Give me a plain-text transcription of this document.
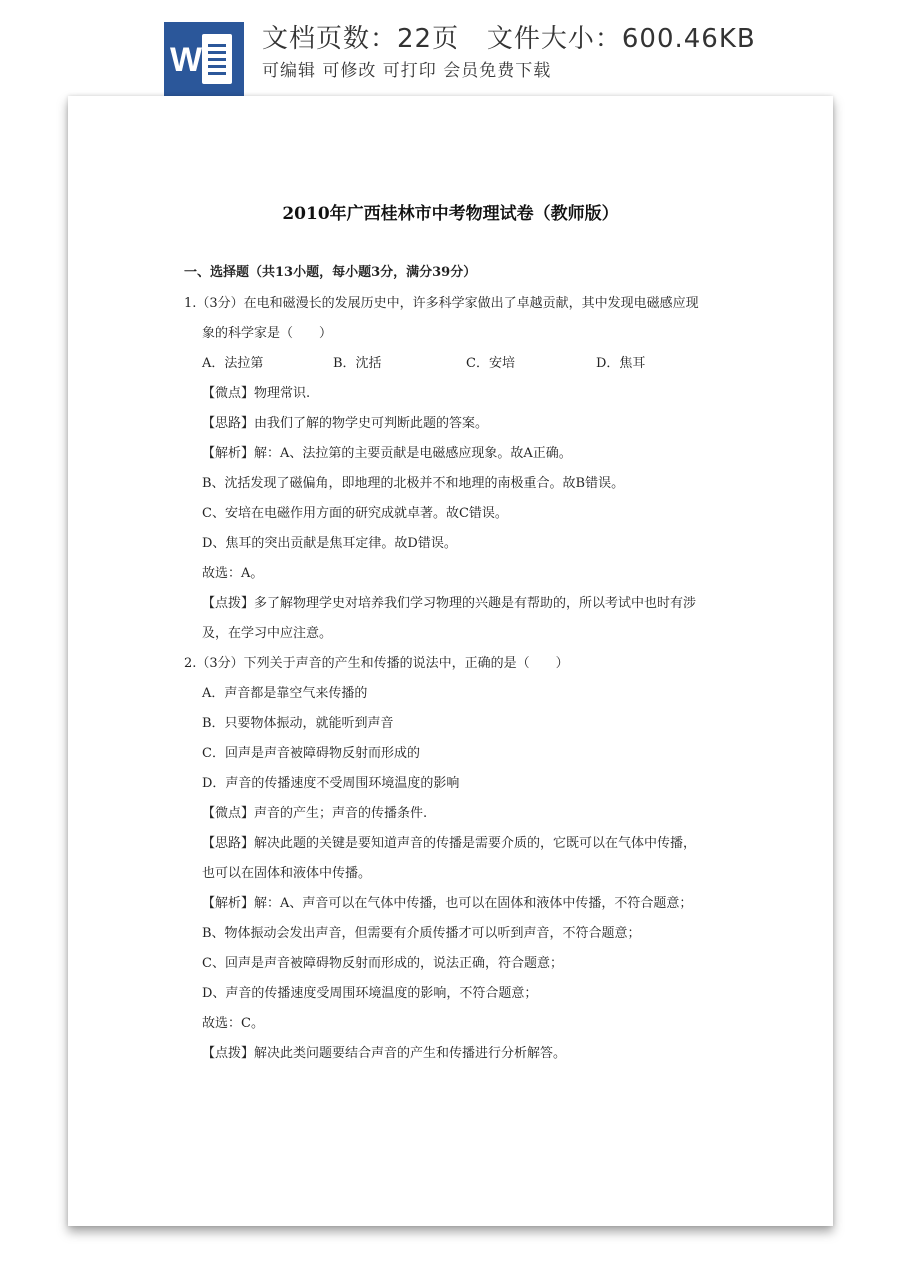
W
文档页数：22页   文件大小：600.46KB
可编辑 可修改 可打印 会员免费下载
2010年广西桂林市中考物理试卷（教师版）
一、选择题（共13小题，每小题3分，满分39分）
1.（3分）在电和磁漫长的发展历史中，许多科学家做出了卓越贡献，其中发现电磁感应现
象的科学家是（　　）
A．法拉第	B．沈括	C．安培	D．焦耳
【微点】物理常识.
【思路】由我们了解的物学史可判断此题的答案。
【解析】解：A、法拉第的主要贡献是电磁感应现象。故A正确。
B、沈括发现了磁偏角，即地理的北极并不和地理的南极重合。故B错误。
C、安培在电磁作用方面的研究成就卓著。故C错误。
D、焦耳的突出贡献是焦耳定律。故D错误。
故选：A。
【点拨】多了解物理学史对培养我们学习物理的兴趣是有帮助的，所以考试中也时有涉
及，在学习中应注意。
2.（3分）下列关于声音的产生和传播的说法中，正确的是（　　）
A．声音都是靠空气来传播的
B．只要物体振动，就能听到声音
C．回声是声音被障碍物反射而形成的
D．声音的传播速度不受周围环境温度的影响
【微点】声音的产生；声音的传播条件.
【思路】解决此题的关键是要知道声音的传播是需要介质的，它既可以在气体中传播，
也可以在固体和液体中传播。
【解析】解：A、声音可以在气体中传播，也可以在固体和液体中传播，不符合题意；
B、物体振动会发出声音，但需要有介质传播才可以听到声音，不符合题意；
C、回声是声音被障碍物反射而形成的，说法正确，符合题意；
D、声音的传播速度受周围环境温度的影响，不符合题意；
故选：C。
【点拨】解决此类问题要结合声音的产生和传播进行分析解答。
